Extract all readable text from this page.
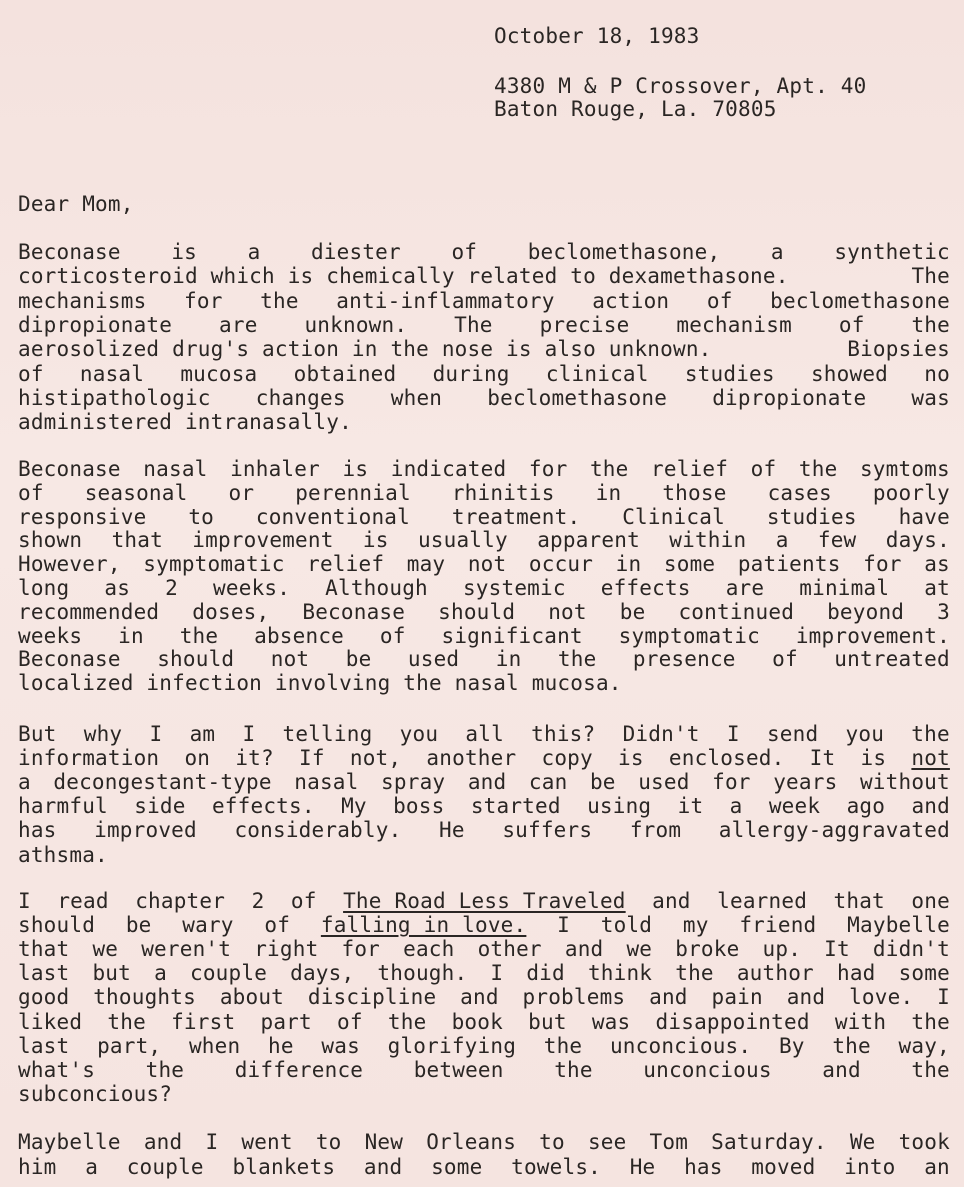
October 18, 1983
4380 M & P Crossover, Apt. 40
Baton Rouge, La. 70805
Dear Mom,
Beconase is a diester of beclomethasone, a synthetic
corticosteroid which is chemically related to dexamethasone.	The
mechanisms for the anti-inflammatory action of beclomethasone
dipropionate are unknown. The precise mechanism of the
aerosolized drug's action in the nose is also unknown.	Biopsies
of nasal mucosa obtained during clinical studies showed no
histipathologic changes when beclomethasone dipropionate was
administered intranasally.
Beconase nasal inhaler is indicated for the relief of the symtoms
of seasonal or perennial rhinitis in those cases poorly
responsive to conventional treatment. Clinical studies have
shown that improvement is usually apparent within a few days.
However, symptomatic relief may not occur in some patients for as
long as 2 weeks. Although systemic effects are minimal at
recommended doses, Beconase should not be continued beyond 3
weeks in the absence of significant symptomatic improvement.
Beconase should not be used in the presence of untreated
localized infection involving the nasal mucosa.
But why I am I telling you all this? Didn't I send you the
information on it? If not, another copy is enclosed. It is not
a decongestant-type nasal spray and can be used for years without
harmful side effects. My boss started using it a week ago and
has improved considerably. He suffers from allergy-aggravated
athsma.
I read chapter 2 of The Road Less Traveled and learned that one
should be wary of falling in love. I told my friend Maybelle
that we weren't right for each other and we broke up. It didn't
last but a couple days, though. I did think the author had some
good thoughts about discipline and problems and pain and love. I
liked the first part of the book but was disappointed with the
last part, when he was glorifying the unconcious. By the way,
what's the difference between the unconcious and the
subconcious?
Maybelle and I went to New Orleans to see Tom Saturday. We took
him a couple blankets and some towels. He has moved into an
